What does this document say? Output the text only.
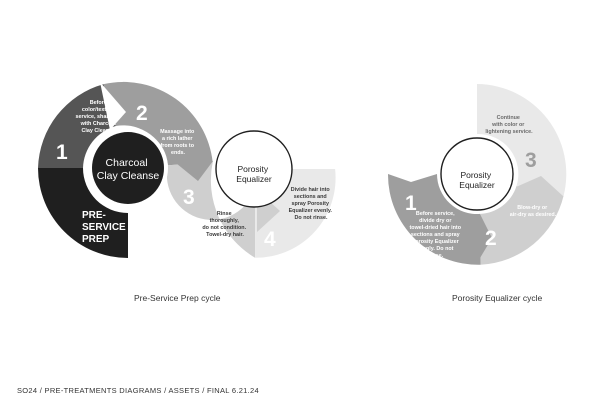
Charcoal Clay Cleanse
PRE- SERVICE PREP
Porosity Equalizer
1
Before color/texture service, shampoo with Charcoal Clay Cleanse.
2
Massage into a rich lather from roots to ends.
3
Rinse thoroughly, do not condition. Towel-dry hair. 4
Divide hair into sections and spray Porosity Equalizer evenly. Do not rinse.
Porosity Equalizer
1 Before service, divide dry or towel-dried hair into sections and spray Porosity Equalizer evenly. Do not rinse.
2
Blow-dry or air-dry as desired.
3
Continue with color or lightening service.
Pre-Service Prep cycle	Porosity Equalizer cycle
SO24 / PRE-TREATMENTS DIAGRAMS / ASSETS / FINAL 6.21.24
